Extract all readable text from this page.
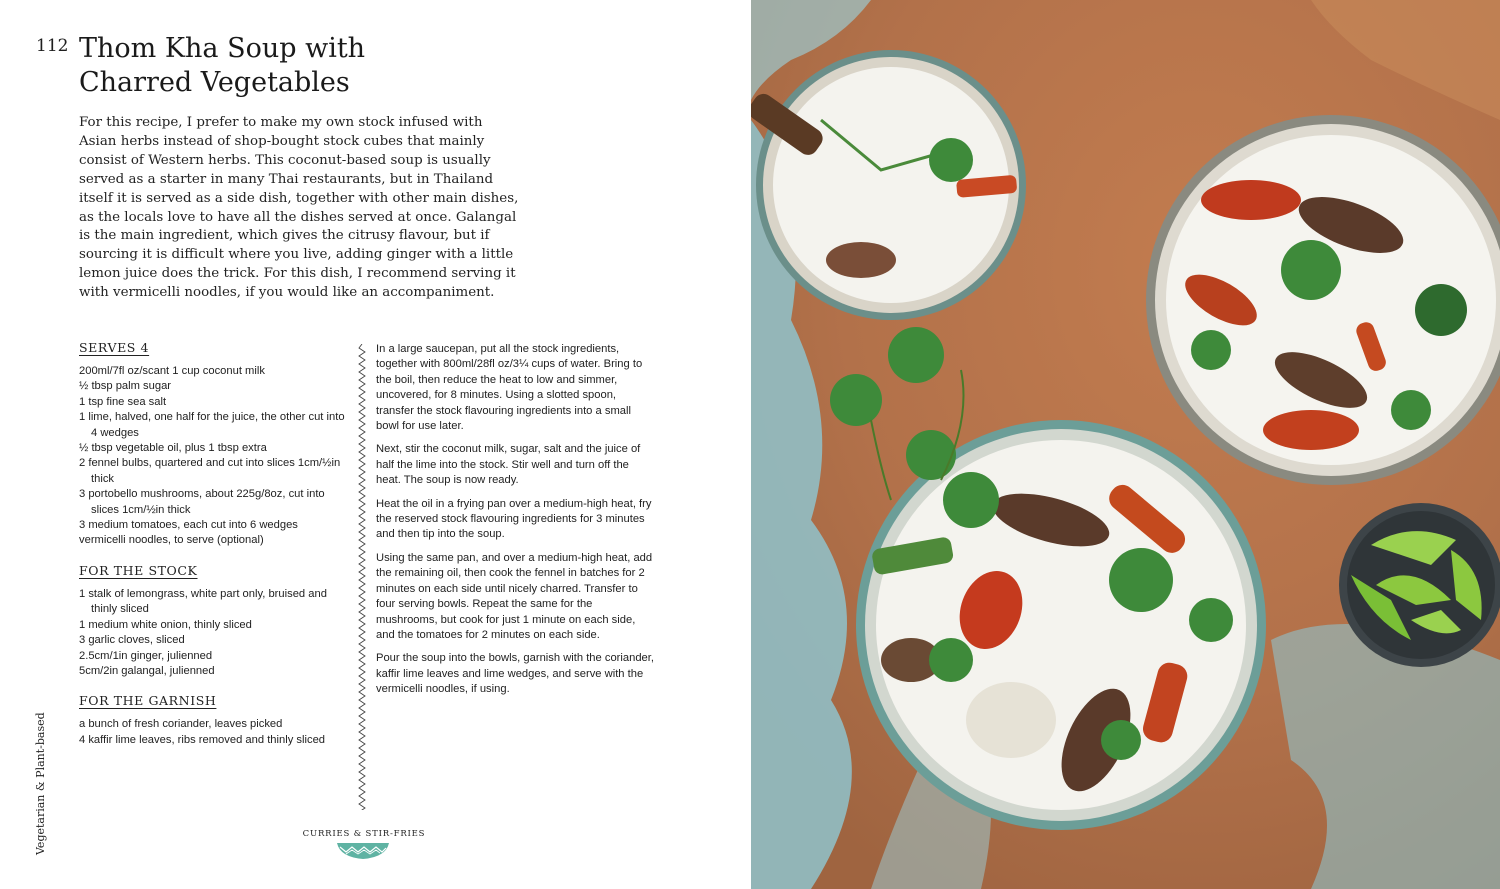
112 Thom Kha Soup with
Charred Vegetables

For this recipe, I prefer to make my own stock infused with Asian herbs instead of shop-bought stock cubes that mainly consist of Western herbs. This coconut-based soup is usually served as a starter in many Thai restaurants, but in Thailand itself it is served as a side dish, together with other main dishes, as the locals love to have all the dishes served at once. Galangal is the main ingredient, which gives the citrusy flavour, but if sourcing it is difficult where you live, adding ginger with a little lemon juice does the trick. For this dish, I recommend serving it with vermicelli noodles, if you would like an accompaniment.

SERVES 4
200ml/7fl oz/scant 1 cup coconut milk
½ tbsp palm sugar
1 tsp fine sea salt
1 lime, halved, one half for the juice, the other cut into 4 wedges
½ tbsp vegetable oil, plus 1 tbsp extra
2 fennel bulbs, quartered and cut into slices 1cm/½in thick
3 portobello mushrooms, about 225g/8oz, cut into slices 1cm/½in thick
3 medium tomatoes, each cut into 6 wedges
vermicelli noodles, to serve (optional)
FOR THE STOCK
1 stalk of lemongrass, white part only, bruised and thinly sliced
1 medium white onion, thinly sliced
3 garlic cloves, sliced
2.5cm/1in ginger, julienned
5cm/2in galangal, julienned
FOR THE GARNISH
a bunch of fresh coriander, leaves picked
4 kaffir lime leaves, ribs removed and thinly sliced

In a large saucepan, put all the stock ingredients, together with 800ml/28fl oz/3¼ cups of water. Bring to the boil, then reduce the heat to low and simmer, uncovered, for 8 minutes. Using a slotted spoon, transfer the stock flavouring ingredients into a small bowl for use later.

Next, stir the coconut milk, sugar, salt and the juice of half the lime into the stock. Stir well and turn off the heat. The soup is now ready.

Heat the oil in a frying pan over a medium-high heat, fry the reserved stock flavouring ingredients for 3 minutes and then tip into the soup.

Using the same pan, and over a medium-high heat, add the remaining oil, then cook the fennel in batches for 2 minutes on each side until nicely charred. Transfer to four serving bowls. Repeat the same for the mushrooms, but cook for just 1 minute on each side, and the tomatoes for 2 minutes on each side.

Pour the soup into the bowls, garnish with the coriander, kaffir lime leaves and lime wedges, and serve with the vermicelli noodles, if using.

Vegetarian & Plant-based	CURRIES & STIR-FRIES
